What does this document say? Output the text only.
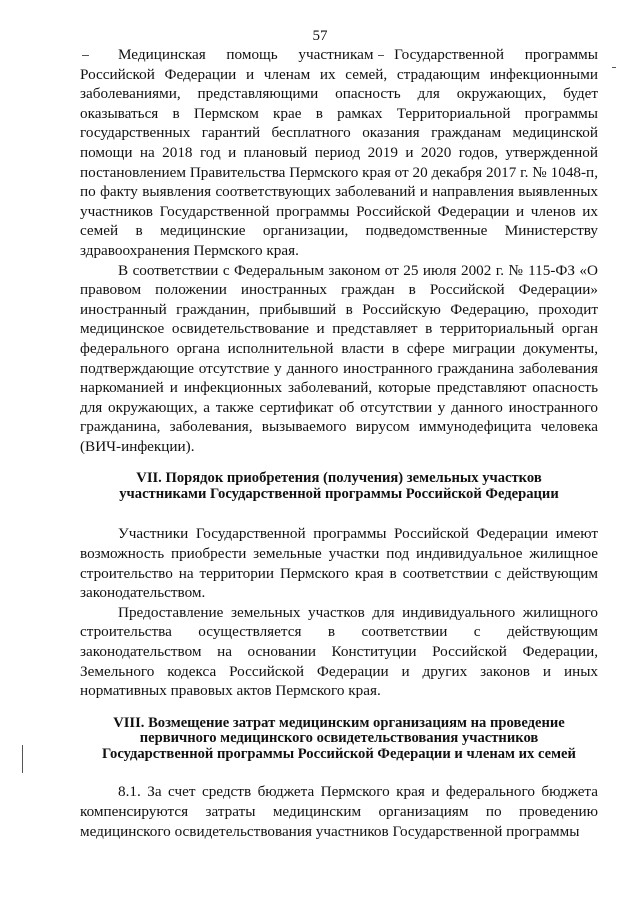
57

Медицинская помощь участникам Государственной программы Российской Федерации и членам их семей, страдающим инфекционными заболеваниями, представляющими опасность для окружающих, будет оказываться в Пермском крае в рамках Территориальной программы государственных гарантий бесплатного оказания гражданам медицинской помощи на 2018 год и плановый период 2019 и 2020 годов, утвержденной постановлением Правительства Пермского края от 20 декабря 2017 г. № 1048-п, по факту выявления соответствующих заболеваний и направления выявленных участников Государственной программы Российской Федерации и членов их семей в медицинские организации, подведомственные Министерству здравоохранения Пермского края.

В соответствии с Федеральным законом от 25 июля 2002 г. № 115-ФЗ «О правовом положении иностранных граждан в Российской Федерации» иностранный гражданин, прибывший в Российскую Федерацию, проходит медицинское освидетельствование и представляет в территориальный орган федерального органа исполнительной власти в сфере миграции документы, подтверждающие отсутствие у данного иностранного гражданина заболевания наркоманией и инфекционных заболеваний, которые представляют опасность для окружающих, а также сертификат об отсутствии у данного иностранного гражданина, заболевания, вызываемого вирусом иммунодефицита человека (ВИЧ-инфекции).

VII. Порядок приобретения (получения) земельных участков
участниками Государственной программы Российской Федерации

Участники Государственной программы Российской Федерации имеют возможность приобрести земельные участки под индивидуальное жилищное строительство на территории Пермского края в соответствии с действующим законодательством.

Предоставление земельных участков для индивидуального жилищного строительства осуществляется в соответствии с действующим законодательством на основании Конституции Российской Федерации, Земельного кодекса Российской Федерации и других законов и иных нормативных правовых актов Пермского края.

VIII. Возмещение затрат медицинским организациям на проведение
первичного медицинского освидетельствования участников
Государственной программы Российской Федерации и членам их семей

8.1. За счет средств бюджета Пермского края и федерального бюджета компенсируются затраты медицинским организациям по проведению медицинского освидетельствования участников Государственной программы
